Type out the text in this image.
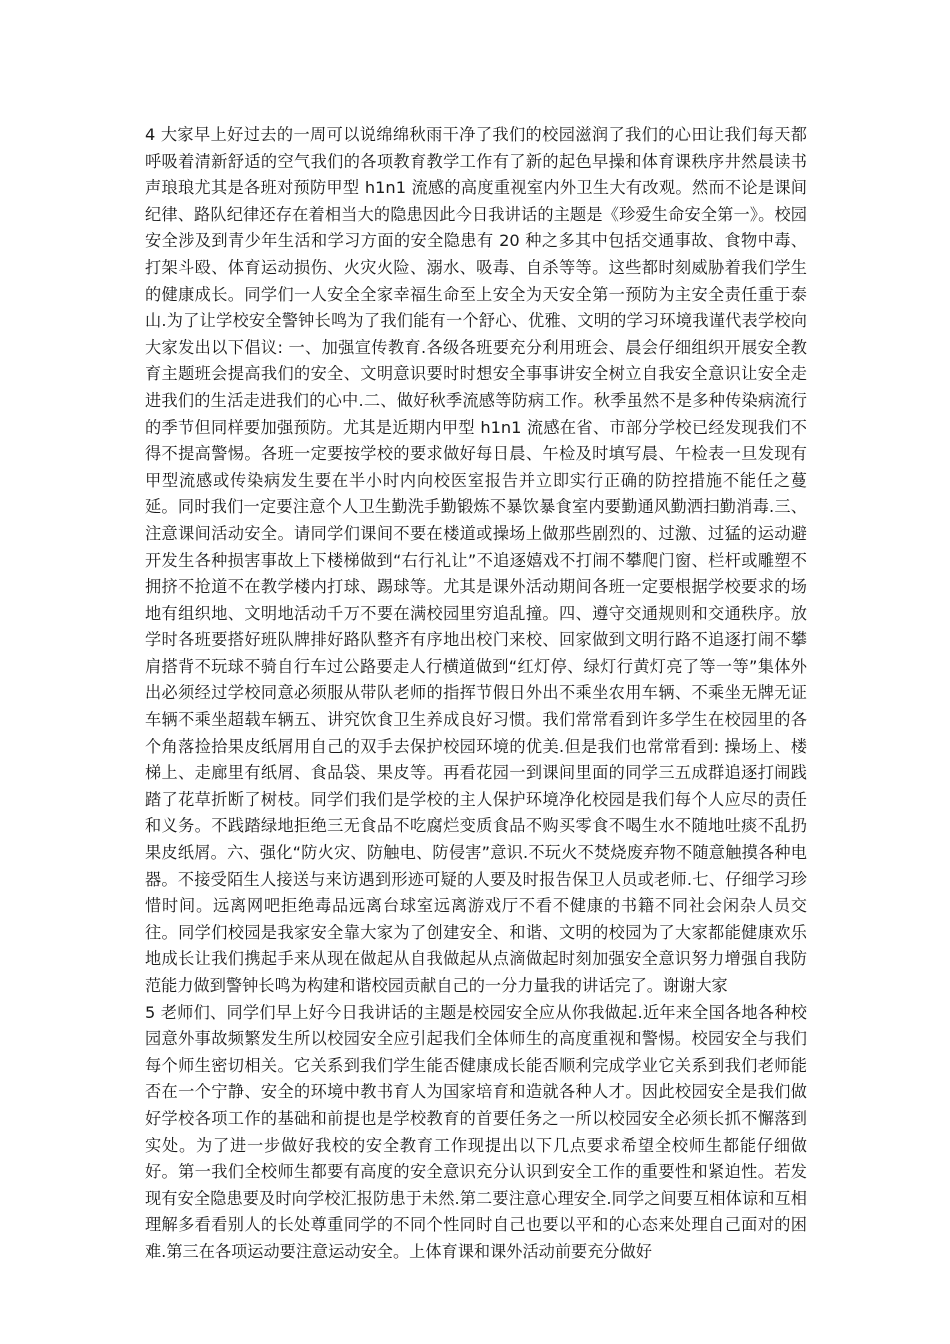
4 大家早上好过去的一周可以说绵绵秋雨干净了我们的校园滋润了我们的心田让我们每天都呼吸着清新舒适的空气我们的各项教育教学工作有了新的起色早操和体育课秩序井然晨读书声琅琅尤其是各班对预防甲型 h1n1 流感的高度重视室内外卫生大有改观。然而不论是课间纪律、路队纪律还存在着相当大的隐患因此今日我讲话的主题是《珍爱生命安全第一》。校园安全涉及到青少年生活和学习方面的安全隐患有 20 种之多其中包括交通事故、食物中毒、打架斗殴、体育运动损伤、火灾火险、溺水、吸毒、自杀等等。这些都时刻威胁着我们学生的健康成长。同学们一人安全全家幸福生命至上安全为天安全第一预防为主安全责任重于泰山.为了让学校安全警钟长鸣为了我们能有一个舒心、优雅、文明的学习环境我谨代表学校向大家发出以下倡议: 一、加强宣传教育.各级各班要充分利用班会、晨会仔细组织开展安全教育主题班会提高我们的安全、文明意识要时时想安全事事讲安全树立自我安全意识让安全走进我们的生活走进我们的心中.二、做好秋季流感等防病工作。秋季虽然不是多种传染病流行的季节但同样要加强预防。尤其是近期内甲型 h1n1 流感在省、市部分学校已经发现我们不得不提高警惕。各班一定要按学校的要求做好每日晨、午检及时填写晨、午检表一旦发现有甲型流感或传染病发生要在半小时内向校医室报告并立即实行正确的防控措施不能任之蔓延。同时我们一定要注意个人卫生勤洗手勤锻炼不暴饮暴食室内要勤通风勤洒扫勤消毒.三、注意课间活动安全。请同学们课间不要在楼道或操场上做那些剧烈的、过激、过猛的运动避开发生各种损害事故上下楼梯做到“右行礼让”不追逐嬉戏不打闹不攀爬门窗、栏杆或雕塑不拥挤不抢道不在教学楼内打球、踢球等。尤其是课外活动期间各班一定要根据学校要求的场地有组织地、文明地活动千万不要在满校园里穷追乱撞。四、遵守交通规则和交通秩序。放学时各班要搭好班队牌排好路队整齐有序地出校门来校、回家做到文明行路不追逐打闹不攀肩搭背不玩球不骑自行车过公路要走人行横道做到“红灯停、绿灯行黄灯亮了等一等”集体外出必须经过学校同意必须服从带队老师的指挥节假日外出不乘坐农用车辆、不乘坐无牌无证车辆不乘坐超载车辆五、讲究饮食卫生养成良好习惯。我们常常看到许多学生在校园里的各个角落捡拾果皮纸屑用自己的双手去保护校园环境的优美.但是我们也常常看到: 操场上、楼梯上、走廊里有纸屑、食品袋、果皮等。再看花园一到课间里面的同学三五成群追逐打闹践踏了花草折断了树枝。同学们我们是学校的主人保护环境净化校园是我们每个人应尽的责任和义务。不践踏绿地拒绝三无食品不吃腐烂变质食品不购买零食不喝生水不随地吐痰不乱扔果皮纸屑。六、强化“防火灾、防触电、防侵害”意识.不玩火不焚烧废弃物不随意触摸各种电器。不接受陌生人接送与来访遇到形迹可疑的人要及时报告保卫人员或老师.七、仔细学习珍惜时间。远离网吧拒绝毒品远离台球室远离游戏厅不看不健康的书籍不同社会闲杂人员交往。同学们校园是我家安全靠大家为了创建安全、和谐、文明的校园为了大家都能健康欢乐地成长让我们携起手来从现在做起从自我做起从点滴做起时刻加强安全意识努力增强自我防范能力做到警钟长鸣为构建和谐校园贡献自己的一分力量我的讲话完了。谢谢大家

5 老师们、同学们早上好今日我讲话的主题是校园安全应从你我做起.近年来全国各地各种校园意外事故频繁发生所以校园安全应引起我们全体师生的高度重视和警惕。校园安全与我们每个师生密切相关。它关系到我们学生能否健康成长能否顺利完成学业它关系到我们老师能否在一个宁静、安全的环境中教书育人为国家培育和造就各种人才。因此校园安全是我们做好学校各项工作的基础和前提也是学校教育的首要任务之一所以校园安全必须长抓不懈落到实处。为了进一步做好我校的安全教育工作现提出以下几点要求希望全校师生都能仔细做好。第一我们全校师生都要有高度的安全意识充分认识到安全工作的重要性和紧迫性。若发现有安全隐患要及时向学校汇报防患于未然.第二要注意心理安全.同学之间要互相体谅和互相理解多看看别人的长处尊重同学的不同个性同时自己也要以平和的心态来处理自己面对的困难.第三在各项运动要注意运动安全。上体育课和课外活动前要充分做好
